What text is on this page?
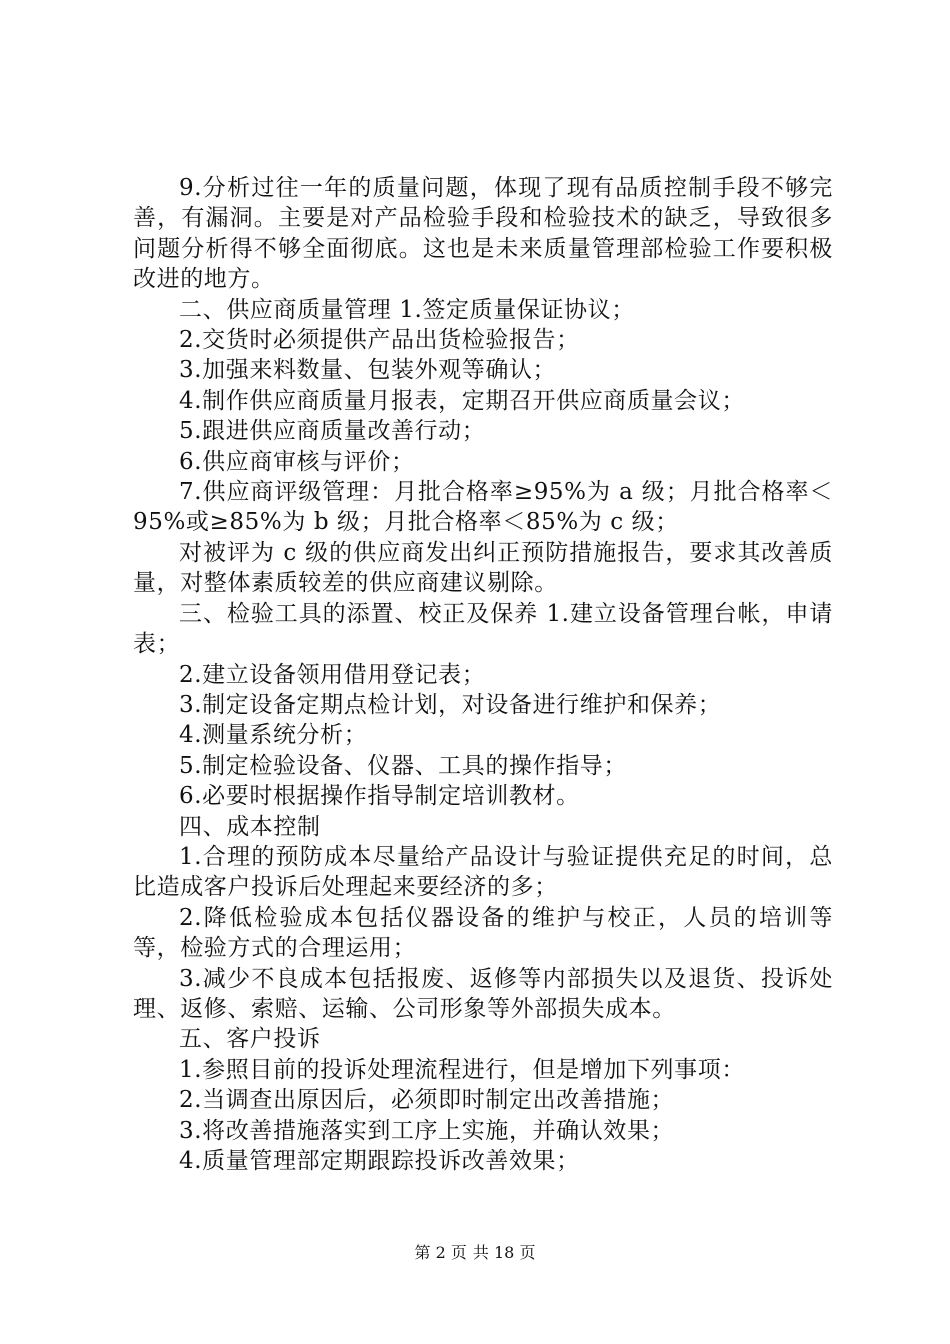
9.分析过往一年的质量问题，体现了现有品质控制手段不够完善，有漏洞。主要是对产品检验手段和检验技术的缺乏，导致很多问题分析得不够全面彻底。这也是未来质量管理部检验工作要积极改进的地方。

二、供应商质量管理 1.签定质量保证协议；

2.交货时必须提供产品出货检验报告；

3.加强来料数量、包装外观等确认；

4.制作供应商质量月报表，定期召开供应商质量会议；

5.跟进供应商质量改善行动；

6.供应商审核与评价；

7.供应商评级管理：月批合格率≥95%为 a 级；月批合格率＜95%或≥85%为 b 级；月批合格率＜85%为 c 级；

对被评为 c 级的供应商发出纠正预防措施报告，要求其改善质量，对整体素质较差的供应商建议剔除。

三、检验工具的添置、校正及保养 1.建立设备管理台帐，申请表；

2.建立设备领用借用登记表；

3.制定设备定期点检计划，对设备进行维护和保养；

4.测量系统分析；

5.制定检验设备、仪器、工具的操作指导；

6.必要时根据操作指导制定培训教材。

四、成本控制

1.合理的预防成本尽量给产品设计与验证提供充足的时间，总比造成客户投诉后处理起来要经济的多；

2.降低检验成本包括仪器设备的维护与校正，人员的培训等等，检验方式的合理运用；

3.减少不良成本包括报废、返修等内部损失以及退货、投诉处理、返修、索赔、运输、公司形象等外部损失成本。

五、客户投诉

1.参照目前的投诉处理流程进行，但是增加下列事项：

2.当调查出原因后，必须即时制定出改善措施；

3.将改善措施落实到工序上实施，并确认效果；

4.质量管理部定期跟踪投诉改善效果；

第 2 页 共 18 页
